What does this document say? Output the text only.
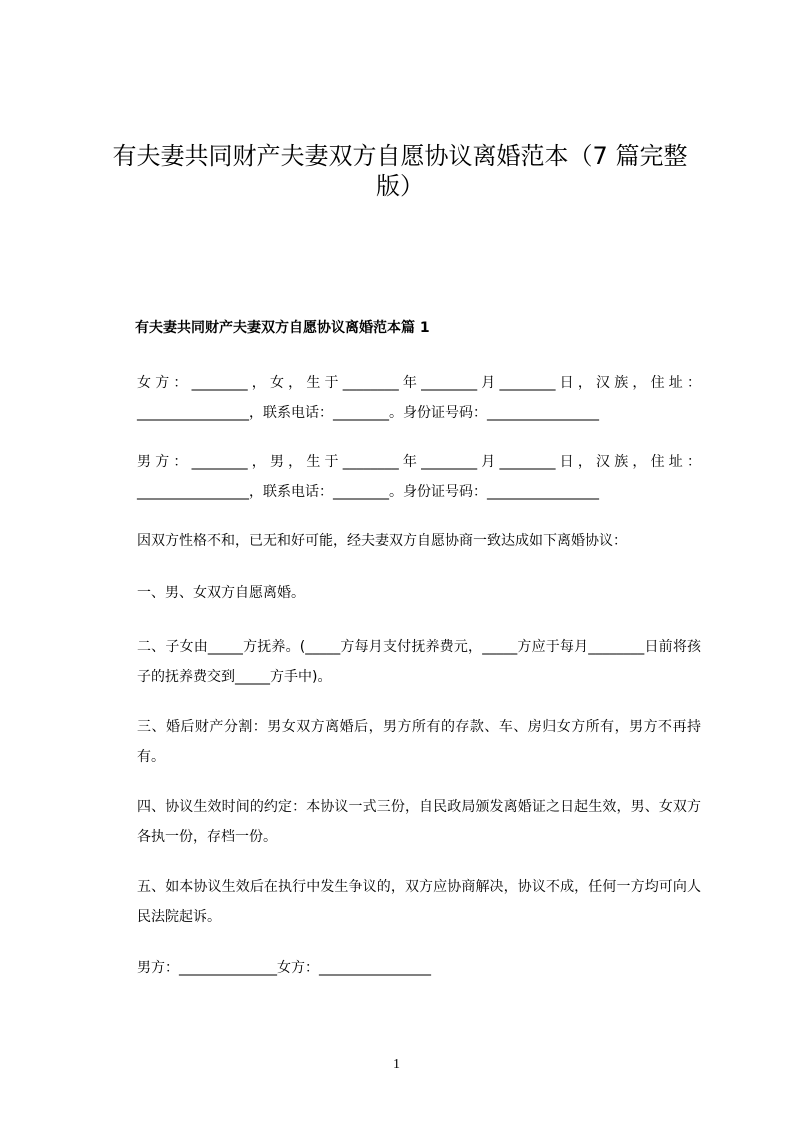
有夫妻共同财产夫妻双方自愿协议离婚范本（7 篇完整版）
有夫妻共同财产夫妻双方自愿协议离婚范本篇 1
女方：________，女，生于________年________月________日，汉族，住址：________________，联系电话：________。身份证号码：________________
男方：________，男，生于________年________月________日，汉族，住址：________________，联系电话：________。身份证号码：________________
因双方性格不和，已无和好可能，经夫妻双方自愿协商一致达成如下离婚协议：
一、男、女双方自愿离婚。
二、子女由_____方抚养。(_____方每月支付抚养费元，_____方应于每月________日前将孩子的抚养费交到_____方手中)。
三、婚后财产分割：男女双方离婚后，男方所有的存款、车、房归女方所有，男方不再持有。
四、协议生效时间的约定：本协议一式三份，自民政局颁发离婚证之日起生效，男、女双方各执一份，存档一份。
五、如本协议生效后在执行中发生争议的，双方应协商解决，协议不成，任何一方均可向人民法院起诉。
男方：______________女方：________________
1
